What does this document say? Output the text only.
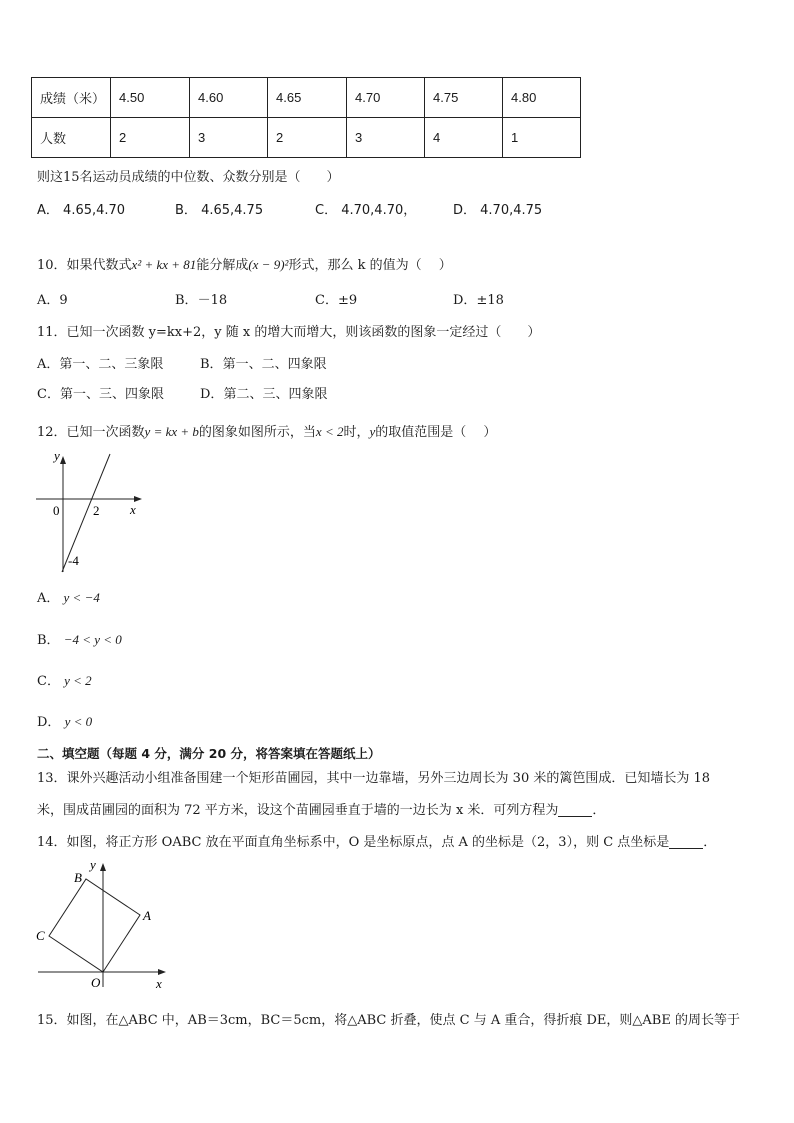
成绩（米）	4.50	4.60	4.65	4.70	4.75	4.80
人数	2	3	2	3	4	1
则这15名运动员成绩的中位数、众数分别是（　　）
A． 4.65,4.70	B． 4.65,4.75	C． 4.70,4.70，	D． 4.70,4.75
10．如果代数式x² + kx + 81能分解成(x − 9)²形式，那么 k 的值为（　 ）
A．9	B．－18	C．±9	D．±18
11．已知一次函数 y=kx+2，y 随 x 的增大而增大，则该函数的图象一定经过（　　）
A．第一、二、三象限	B．第一、二、四象限
C．第一、三、四象限	D．第二、三、四象限
12．已知一次函数y = kx + b的图象如图所示，当x < 2时，y的取值范围是（　 ）
y
x
0	2
-4
A． y < −4
B． −4 < y < 0
C． y < 2
D． y < 0
二、填空题（每题 4 分，满分 20 分，将答案填在答题纸上）
13．课外兴趣活动小组准备围建一个矩形苗圃园，其中一边靠墙，另外三边周长为 30 米的篱笆围成．已知墙长为 18
米，围成苗圃园的面积为 72 平方米，设这个苗圃园垂直于墙的一边长为 x 米．可列方程为	．
14．如图，将正方形 OABC 放在平面直角坐标系中，O 是坐标原点，点 A 的坐标是（2，3），则 C 点坐标是	．
B
A
C
O	x
y
15．如图，在△ABC 中，AB＝3cm，BC＝5cm，将△ABC 折叠，使点 C 与 A 重合，得折痕 DE，则△ABE 的周长等于
